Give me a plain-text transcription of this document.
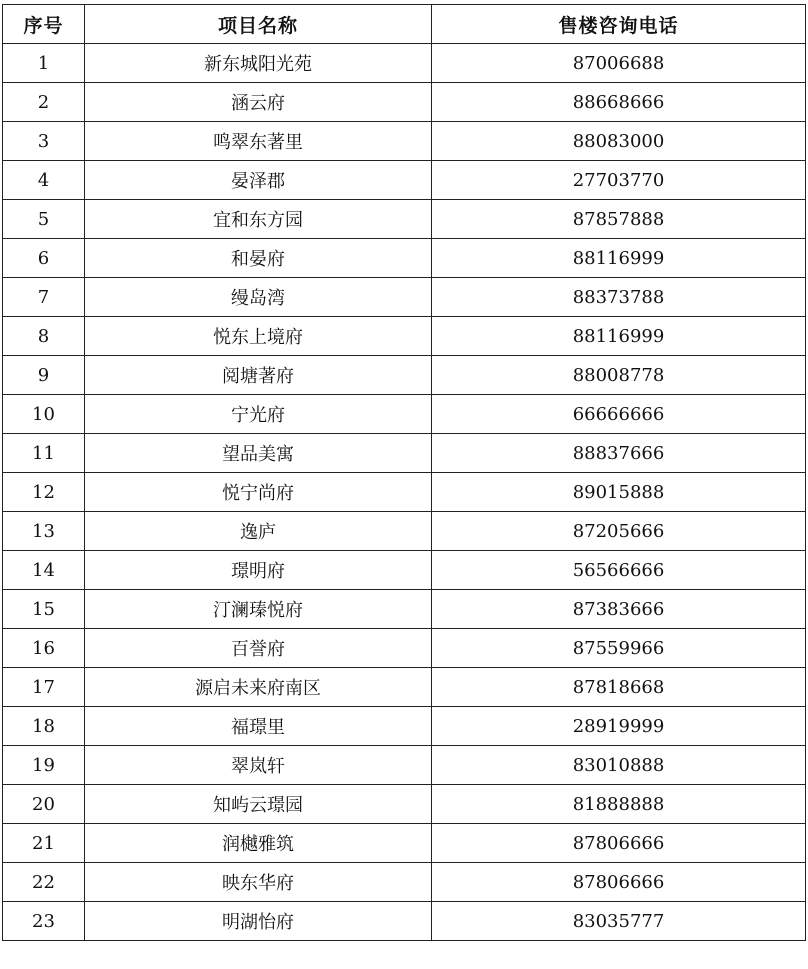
序号	项目名称	售楼咨询电话
1	新东城阳光苑	87006688
2	涵云府	88668666
3	鸣翠东著里	88083000
4	晏泽郡	27703770
5	宜和东方园	87857888
6	和晏府	88116999
7	缦岛湾	88373788
8	悦东上境府	88116999
9	阅塘著府	88008778
10	宁光府	66666666
11	望品美寓	88837666
12	悦宁尚府	89015888
13	逸庐	87205666
14	璟明府	56566666
15	汀澜瑧悦府	87383666
16	百誉府	87559966
17	源启未来府南区	87818668
18	福璟里	28919999
19	翠岚轩	83010888
20	知屿云璟园	81888888
21	润樾雅筑	87806666
22	映东华府	87806666
23	明湖怡府	83035777
